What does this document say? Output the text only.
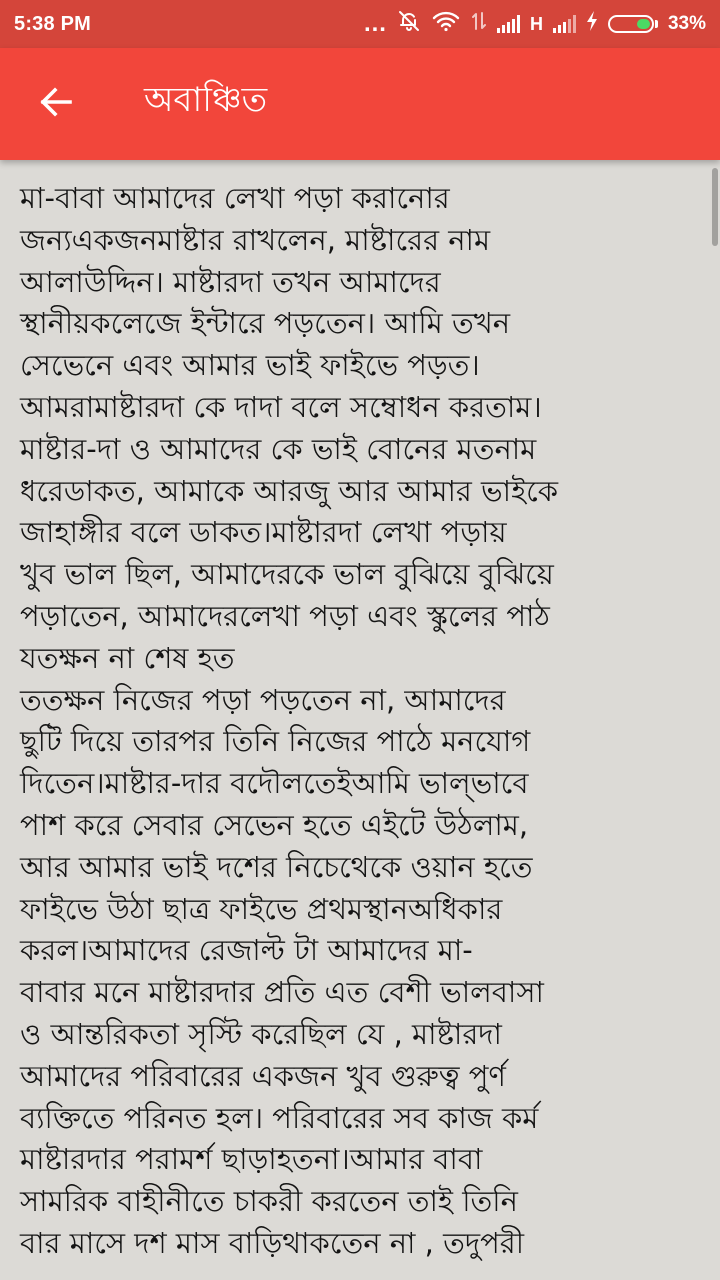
5:38 PM	...	H	33%
অবাঞ্চিত

মা-বাবা আমাদের লেখা পড়া করানোর
জন্যএকজনমাষ্টার রাখলেন, মাষ্টারের নাম
আলাউদ্দিন। মাষ্টারদা তখন আমাদের
স্থানীয়কলেজে ইন্টারে পড়তেন। আমি তখন
সেভেনে এবং আমার ভাই ফাইভে পড়ত।
আমরামাষ্টারদা কে দাদা বলে সম্বোধন করতাম।
মাষ্টার-দা ও আমাদের কে ভাই বোনের মতনাম
ধরেডাকত, আমাকে আরজু আর আমার ভাইকে
জাহাঙ্গীর বলে ডাকত।মাষ্টারদা লেখা পড়ায়
খুব ভাল ছিল, আমাদেরকে ভাল বুঝিয়ে বুঝিয়ে
পড়াতেন, আমাদেরলেখা পড়া এবং স্কুলের পাঠ
যতক্ষন না শেষ হত
ততক্ষন নিজের পড়া পড়তেন না, আমাদের
ছুটি দিয়ে তারপর তিনি নিজের পাঠে মনযোগ
দিতেন।মাষ্টার-দার বদৌলতেইআমি ভাল্ভাবে
পাশ করে সেবার সেভেন হতে এইটে উঠলাম,
আর আমার ভাই দশের নিচেথেকে ওয়ান হতে
ফাইভে উঠা ছাত্র ফাইভে প্রথমস্থানঅধিকার
করল।আমাদের রেজাল্ট টা আমাদের মা-
বাবার মনে মাষ্টারদার প্রতি এত বেশী ভালবাসা
ও আন্তরিকতা সৃস্টি করেছিল যে , মাষ্টারদা
আমাদের পরিবারের একজন খুব গুরুত্ব পুর্ণ
ব্যক্তিতে পরিনত হল। পরিবারের সব কাজ কর্ম
মাষ্টারদার পরামর্শ ছাড়াহতনা।আমার বাবা
সামরিক বাহীনীতে চাকরী করতেন তাই তিনি
বার মাসে দশ মাস বাড়িথাকতেন না , তদুপরী
